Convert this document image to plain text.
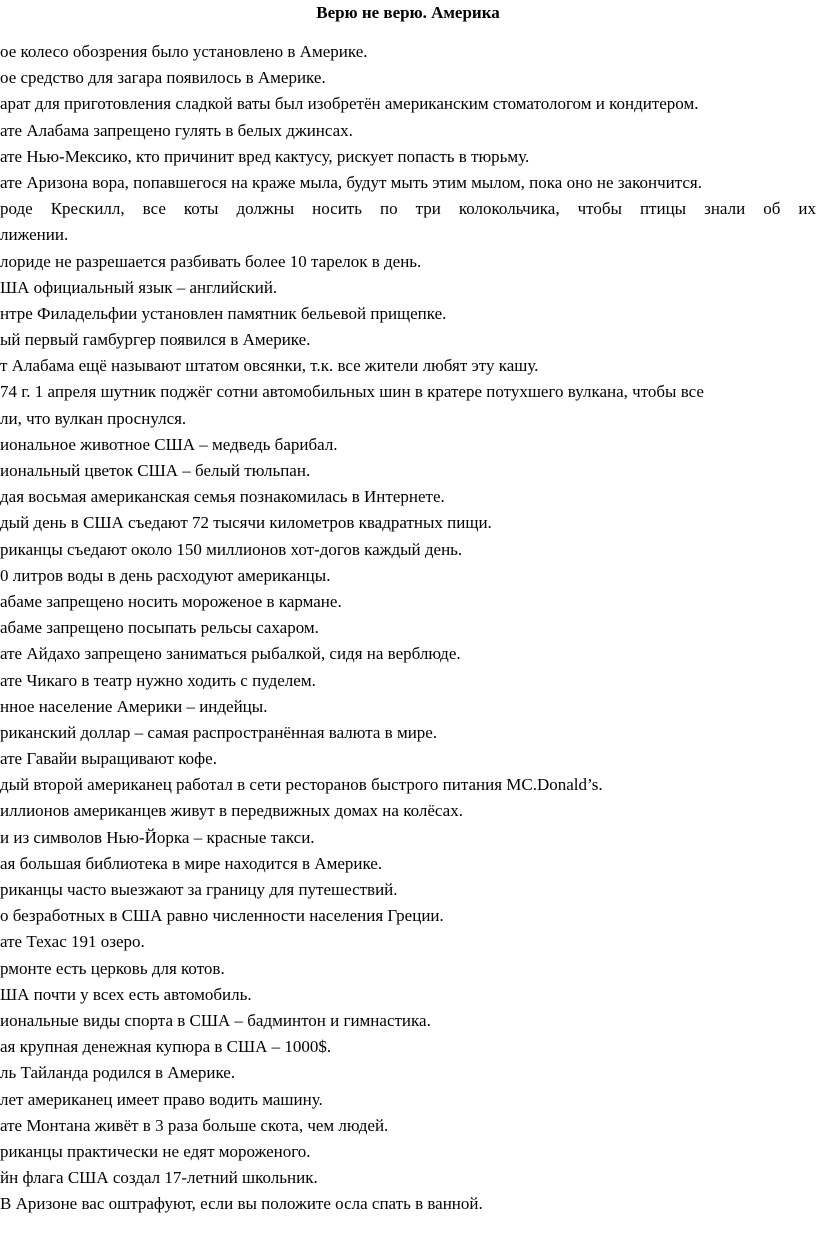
Верю не верю. Америка
ое колесо обозрения было установлено в Америке.
ое средство для загара появилось в Америке.
арат для приготовления сладкой ваты был изобретён американским стоматологом и кондитером.
ате Алабама запрещено гулять в белых джинсах.
ате Нью-Мексико, кто причинит вред кактусу, рискует попасть в тюрьму.
ате Аризона вора, попавшегося на краже мыла, будут мыть этим мылом, пока оно не закончится.
роде Крескилл, все коты должны носить по три колокольчика, чтобы птицы знали об их
лижении.
лориде не разрешается разбивать более 10 тарелок в день.
ША официальный язык – английский.
нтре Филадельфии установлен памятник бельевой прищепке.
ый первый гамбургер появился в Америке.
т Алабама ещё называют штатом овсянки, т.к. все жители любят эту кашу.
74 г. 1 апреля шутник поджёг сотни автомобильных шин в кратере потухшего вулкана, чтобы все
ли, что вулкан проснулся.
иональное животное США – медведь барибал.
иональный цветок США – белый тюльпан.
дая восьмая американская семья познакомилась в Интернете.
дый день в США съедают 72 тысячи километров квадратных пищи.
риканцы съедают около 150 миллионов хот-догов каждый день.
0 литров воды в день расходуют американцы.
абаме запрещено носить мороженое в кармане.
абаме запрещено посыпать рельсы сахаром.
ате Айдахо запрещено заниматься рыбалкой, сидя на верблюде.
ате Чикаго в театр нужно ходить с пуделем.
нное население Америки – индейцы.
риканский доллар – самая распространённая валюта в мире.
ате Гавайи выращивают кофе.
дый второй американец работал в сети ресторанов быстрого питания MC.Donald’s.
иллионов американцев живут в передвижных домах на колёсах.
и из символов Нью-Йорка – красные такси.
ая большая библиотека в мире находится в Америке.
риканцы часто выезжают за границу для путешествий.
о безработных в США равно численности населения Греции.
ате Техас 191 озеро.
рмонте есть церковь для котов.
ША почти у всех есть автомобиль.
иональные виды спорта в США – бадминтон и гимнастика.
ая крупная денежная купюра в США – 1000$.
ль Тайланда родился в Америке.
лет американец имеет право водить машину.
ате Монтана живёт в 3 раза больше скота, чем людей.
риканцы практически не едят мороженого.
йн флага США создал 17-летний школьник.
В Аризоне вас оштрафуют, если вы положите осла спать в ванной.
